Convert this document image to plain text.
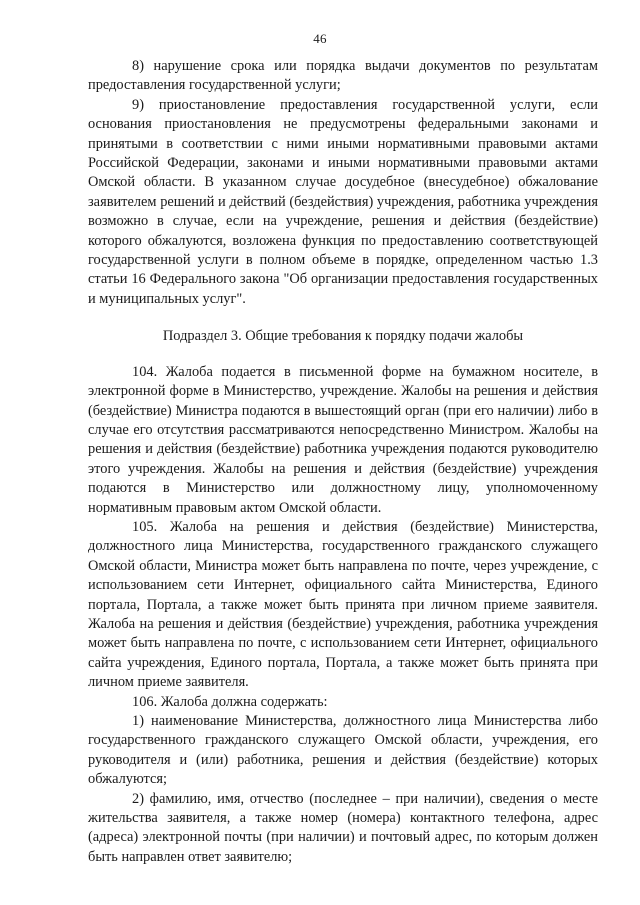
46

8) нарушение срока или порядка выдачи документов по результатам предоставления государственной услуги;

9) приостановление предоставления государственной услуги, если основания приостановления не предусмотрены федеральными законами и принятыми в соответствии с ними иными нормативными правовыми актами Российской Федерации, законами и иными нормативными правовыми актами Омской области. В указанном случае досудебное (внесудебное) обжалование заявителем решений и действий (бездействия) учреждения, работника учреждения возможно в случае, если на учреждение, решения и действия (бездействие) которого обжалуются, возложена функция по предоставлению соответствующей государственной услуги в полном объеме в порядке, определенном частью 1.3 статьи 16 Федерального закона "Об организации предоставления государственных и муниципальных услуг".

Подраздел 3. Общие требования к порядку подачи жалобы

104. Жалоба подается в письменной форме на бумажном носителе, в электронной форме в Министерство, учреждение. Жалобы на решения и действия (бездействие) Министра подаются в вышестоящий орган (при его наличии) либо в случае его отсутствия рассматриваются непосредственно Министром. Жалобы на решения и действия (бездействие) работника учреждения подаются руководителю этого учреждения. Жалобы на решения и действия (бездействие) учреждения подаются в Министерство или должностному лицу, уполномоченному нормативным правовым актом Омской области.

105. Жалоба на решения и действия (бездействие) Министерства, должностного лица Министерства, государственного гражданского служащего Омской области, Министра может быть направлена по почте, через учреждение, с использованием сети Интернет, официального сайта Министерства, Единого портала, Портала, а также может быть принята при личном приеме заявителя. Жалоба на решения и действия (бездействие) учреждения, работника учреждения может быть направлена по почте, с использованием сети Интернет, официального сайта учреждения, Единого портала, Портала, а также может быть принята при личном приеме заявителя.

106. Жалоба должна содержать:

1) наименование Министерства, должностного лица Министерства либо государственного гражданского служащего Омской области, учреждения, его руководителя и (или) работника, решения и действия (бездействие) которых обжалуются;

2) фамилию, имя, отчество (последнее – при наличии), сведения о месте жительства заявителя, а также номер (номера) контактного телефона, адрес (адреса) электронной почты (при наличии) и почтовый адрес, по которым должен быть направлен ответ заявителю;
